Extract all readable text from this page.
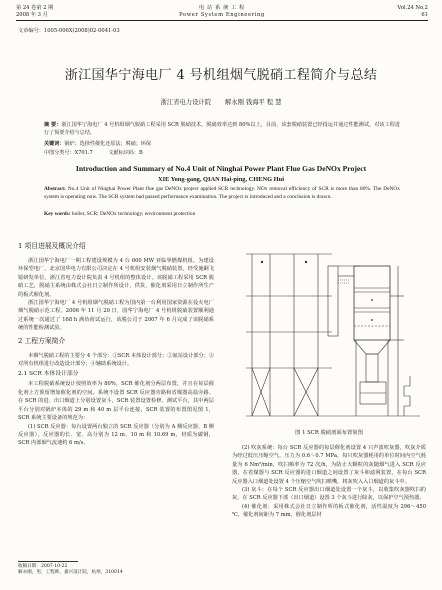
第 24 卷第 2 期
2008 年 3 月
电 站 系 统 工 程
Power System Engineering
Vol.24 No.2
61
文章编号：1005-006X(2008)02-0041-03
浙江国华宁海电厂 4 号机组烟气脱硝工程简介与总结
浙江省电力设计院 解永刚 钱海平 程 慧
摘 要：浙江国华宁海电厂 4 号机组烟气脱硝工程采用 SCR 脱硝技术，脱硝效率达到 80%以上，目前，该套脱硝装置已经投运并通过性能测试，对该工程进行了简要介绍与总结。
关键词：锅炉；选择性催化还原法；脱硝；环保
中图分类号：X701.7	文献标识码：B
Introduction and Summary of No.4 Unit of Ninghai Power Plant Flue Gas DeNOx Project
XIE Yong-gang, QIAN Hai-ping, CHENG Hui
Abstract: No.4 Unit of Ninghai Power Plant flue gas DeNOx project applied SCR technology. NOx removal efficiency of SCR is more than 80%. The DeNOx system is operating now. The SCR system had passed performance examination. The project is introduced and a conclusion is drawn.
Key words: boiler, SCR; DeNOx technology; environment protection
1 项目进展及概况介绍

浙江国华宁海电厂一期工程建设规模为 4 台 600 MW 亚临界燃煤机组。为建设环保型电厂，北京国华电力有限公司决定在 4 号机组安装烟气脱硝装置，经受施嗣飞镜研发单位，浙江省电力设计院负责 4 号机组的整体设计。该脱硝工程采用 SCR 脱硝工艺，脱硝主系统由株式会社日立制作所设计、供货，催化剂采用日立制作所生产的板式催化剂。

浙江国华宁海电厂 4 号机组烟气脱硝工程为国内第一台利用国家资源在役火电厂烟气脱硝示范工程。2006 年 11 月 20 日，国华宁海电厂 4 号机组脱硝装置顺利通过系统一次通过了 168 h 满负荷试运行，该脱公司于 2007 年 6 月完成了该脱硝系统的性能检测试验。

2 工程方案简介

本烟气脱硝工程的主要分 4 个部分：①SCR 本体设计部分；②氨站设计部分；③对所有机组进行改造设计部分；④辅助系统设计。

2.1 SCR 本体设计部分

本工程脱硝系统设计按照效率为 80%，SCR 催化剂分两层布置，并且在每层催化剂上方预留增加催化剂的空间。系统不设置 SCR 反应器旁路和省煤器高温旁路。在 SCR 的进、出口烟道上分别设置灰斗，SCR 装置设置检修、测试平台，其中两层平台分别对锅炉本体的 29 m 和 40 m 层平台连接，SCR 装置的布置图见图 1，SCR 系统主要设备的规范为：

(1) SCR 反应器：每台设置两台独立的 SCR 反应器（分别为 A 侧反应器、B 侧反应器），反应器的长、宽、高分别为 12 m、10 m 和 10.69 m，材质为碳钢，SCR 内部烟气流速约 6 m/s。

收稿日期：2007-10-22
解永刚，男，工程师，嘉兴设计院，杭州，310014
图 1 SCR 脱硝剖面布置简图

(2) 吹灰系统：每台 SCR 反应器的每层催化剂设置 4 只声波吹灰器，吹灰介质为经过低压压缩空气，压力为 0.6～0.7 MPa，每只吹灰器耗用的单位时间内空气耗量为 6 Nm³/min，吹扫频率为 72 次/h，为防止大颗粒的灰随烟气进入 SCR 反应器，在省煤器与 SCR 反应器的进口烟道之间设置了灰斗和滤网装置，在每台 SCR 反应器入口烟道处设置 4 个压缩空气吹扫喷嘴，将灰吹入入口烟道的灰斗中。

(3) 灰斗：在每个 SCR 反应器出口烟道处设置一个灰斗，以收集吹灰器吹扫的灰，在 SCR 反应器下部（出口烟道）设置 3 个灰斗进行除灰，以保护空气预热器。

(4) 催化剂：采用株式会社日立制作所的板式催化剂，活性温度为 296～450 ℃，催化剂间距为 7 mm，催化剂层材
